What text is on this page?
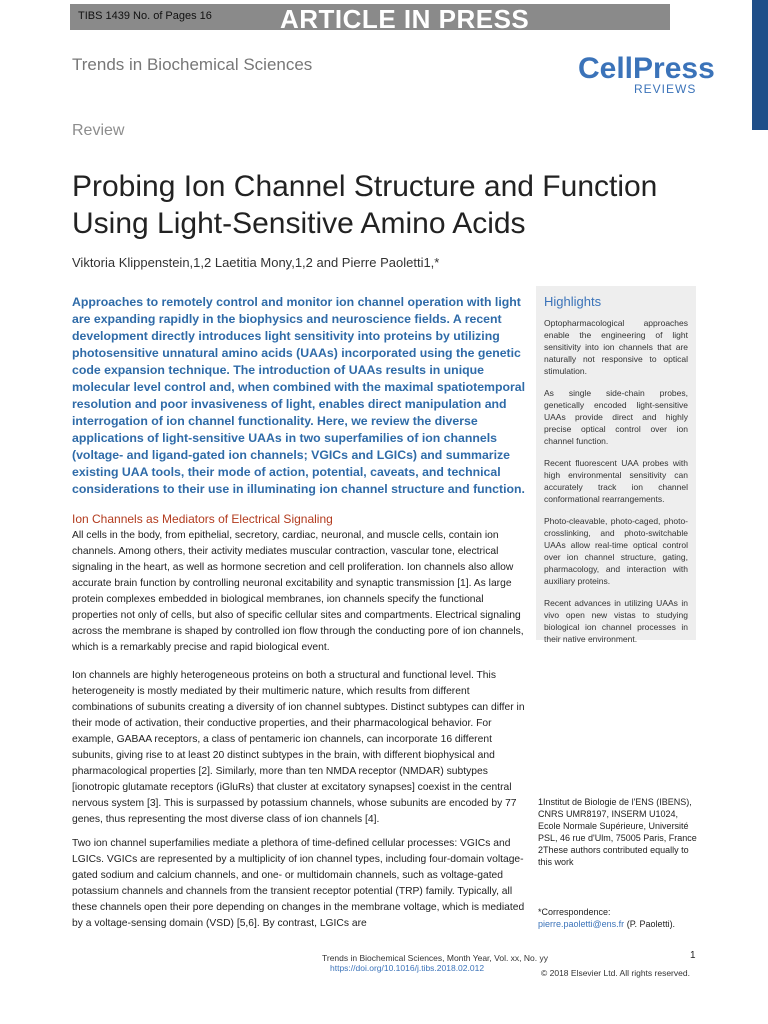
TIBS 1439 No. of Pages 16	ARTICLE IN PRESS
Trends in Biochemical Sciences	CellPress
REVIEWS
Review
Probing Ion Channel Structure and Function Using Light-Sensitive Amino Acids
Viktoria Klippenstein,1,2 Laetitia Mony,1,2 and Pierre Paoletti1,*
Approaches to remotely control and monitor ion channel operation with light are expanding rapidly in the biophysics and neuroscience fields. A recent development directly introduces light sensitivity into proteins by utilizing photosensitive unnatural amino acids (UAAs) incorporated using the genetic code expansion technique. The introduction of UAAs results in unique molecular level control and, when combined with the maximal spatiotemporal resolution and poor invasiveness of light, enables direct manipulation and interrogation of ion channel functionality. Here, we review the diverse applications of light-sensitive UAAs in two superfamilies of ion channels (voltage- and ligand-gated ion channels; VGICs and LGICs) and summarize existing UAA tools, their mode of action, potential, caveats, and technical considerations to their use in illuminating ion channel structure and function.
Ion Channels as Mediators of Electrical Signaling
All cells in the body, from epithelial, secretory, cardiac, neuronal, and muscle cells, contain ion channels. Among others, their activity mediates muscular contraction, vascular tone, electrical signaling in the heart, as well as hormone secretion and cell proliferation. Ion channels also allow accurate brain function by controlling neuronal excitability and synaptic transmission [1]. As large protein complexes embedded in biological membranes, ion channels specify the functional properties not only of cells, but also of specific cellular sites and compartments. Electrical signaling across the membrane is shaped by controlled ion flow through the conducting pore of ion channels, which is a remarkably precise and rapid biological event.
Ion channels are highly heterogeneous proteins on both a structural and functional level. This heterogeneity is mostly mediated by their multimeric nature, which results from different combinations of subunits creating a diversity of ion channel subtypes. Distinct subtypes can differ in their mode of activation, their conductive properties, and their pharmacological behavior. For example, GABAA receptors, a class of pentameric ion channels, can incorporate 16 different subunits, giving rise to at least 20 distinct subtypes in the brain, with different biophysical and pharmacological properties [2]. Similarly, more than ten NMDA receptor (NMDAR) subtypes [ionotropic glutamate receptors (iGluRs) that cluster at excitatory synapses] coexist in the central nervous system [3]. This is surpassed by potassium channels, whose subunits are encoded by 77 genes, thus representing the most diverse class of ion channels [4].
Two ion channel superfamilies mediate a plethora of time-defined cellular processes: VGICs and LGICs. VGICs are represented by a multiplicity of ion channel types, including four-domain voltage-gated sodium and calcium channels, and one- or multidomain channels, such as voltage-gated potassium channels and channels from the transient receptor potential (TRP) family. Typically, all these channels open their pore depending on changes in the membrane voltage, which is mediated by a voltage-sensing domain (VSD) [5,6]. By contrast, LGICs are
Highlights
Optopharmacological approaches enable the engineering of light sensitivity into ion channels that are naturally not responsive to optical stimulation.
As single side-chain probes, genetically encoded light-sensitive UAAs provide direct and highly precise optical control over ion channel function.
Recent fluorescent UAA probes with high environmental sensitivity can accurately track ion channel conformational rearrangements.
Photo-cleavable, photo-caged, photo-crosslinking, and photo-switchable UAAs allow real-time optical control over ion channel structure, gating, pharmacology, and interaction with auxiliary proteins.
Recent advances in utilizing UAAs in vivo open new vistas to studying biological ion channel processes in their native environment.
1Institut de Biologie de l'ENS (IBENS), CNRS UMR8197, INSERM U1024, Ecole Normale Supérieure, Université PSL, 46 rue d'Ulm, 75005 Paris, France 2These authors contributed equally to this work
*Correspondence:
pierre.paoletti@ens.fr (P. Paoletti).
Trends in Biochemical Sciences, Month Year, Vol. xx, No. yy https://doi.org/10.1016/j.tibs.2018.02.012
1
© 2018 Elsevier Ltd. All rights reserved.
